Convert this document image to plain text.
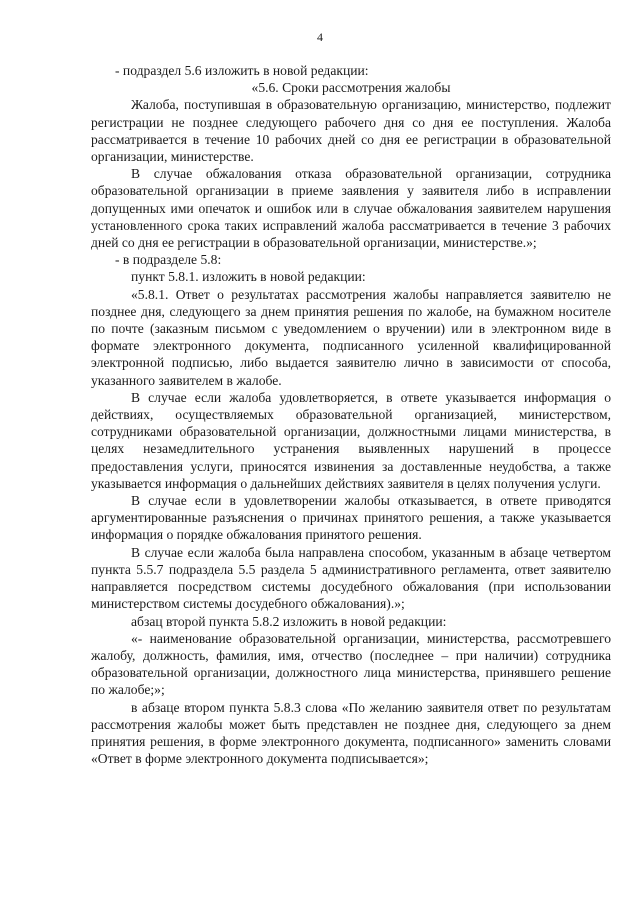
4

- подраздел 5.6 изложить в новой редакции:

«5.6. Сроки рассмотрения жалобы

Жалоба, поступившая в образовательную организацию, министерство, подлежит регистрации не позднее следующего рабочего дня со дня ее поступления. Жалоба рассматривается в течение 10 рабочих дней со дня ее регистрации в образовательной организации, министерстве.

В случае обжалования отказа образовательной организации, сотрудника образовательной организации в приеме заявления у заявителя либо в исправлении допущенных ими опечаток и ошибок или в случае обжалования заявителем нарушения установленного срока таких исправлений жалоба рассматривается в течение 3 рабочих дней со дня ее регистрации в образовательной организации, министерстве.»;

- в подразделе 5.8:

пункт 5.8.1. изложить в новой редакции:

«5.8.1. Ответ о результатах рассмотрения жалобы направляется заявителю не позднее дня, следующего за днем принятия решения по жалобе, на бумажном носителе по почте (заказным письмом с уведомлением о вручении) или в электронном виде в формате электронного документа, подписанного усиленной квалифицированной электронной подписью, либо выдается заявителю лично в зависимости от способа, указанного заявителем в жалобе.

В случае если жалоба удовлетворяется, в ответе указывается информация о действиях, осуществляемых образовательной организацией, министерством, сотрудниками образовательной организации, должностными лицами министерства, в целях незамедлительного устранения выявленных нарушений в процессе предоставления услуги, приносятся извинения за доставленные неудобства, а также указывается информация о дальнейших действиях заявителя в целях получения услуги.

В случае если в удовлетворении жалобы отказывается, в ответе приводятся аргументированные разъяснения о причинах принятого решения, а также указывается информация о порядке обжалования принятого решения.

В случае если жалоба была направлена способом, указанным в абзаце четвертом пункта 5.5.7 подраздела 5.5 раздела 5 административного регламента, ответ заявителю направляется посредством системы досудебного обжалования (при использовании министерством системы досудебного обжалования).»;

абзац второй пункта 5.8.2 изложить в новой редакции:

«- наименование образовательной организации, министерства, рассмотревшего жалобу, должность, фамилия, имя, отчество (последнее – при наличии) сотрудника образовательной организации, должностного лица министерства, принявшего решение по жалобе;»;

в абзаце втором пункта 5.8.3 слова «По желанию заявителя ответ по результатам рассмотрения жалобы может быть представлен не позднее дня, следующего за днем принятия решения, в форме электронного документа, подписанного» заменить словами «Ответ в форме электронного документа подписывается»;
